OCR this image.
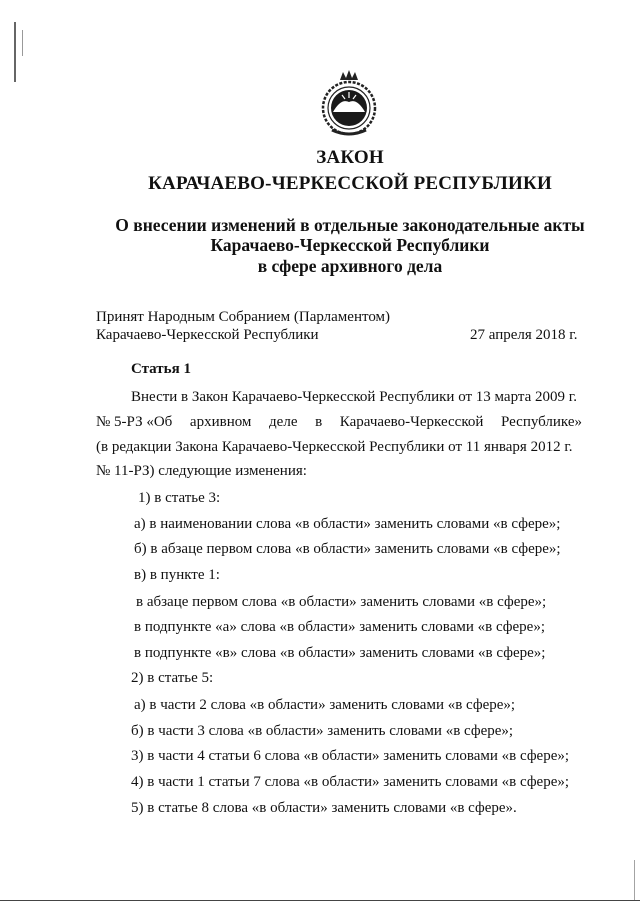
ЗАКОН
КАРАЧАЕВО-ЧЕРКЕССКОЙ РЕСПУБЛИКИ
О внесении изменений в отдельные законодательные акты
Карачаево-Черкесской Республики
в сфере архивного дела
Принят Народным Собранием (Парламентом)
Карачаево-Черкесской Республики	27 апреля 2018 г.
Статья 1
Внести в Закон Карачаево-Черкесской Республики от 13 марта 2009 г.
№ 5-РЗ «Об архивном деле в Карачаево-Черкесской Республике»
(в редакции Закона Карачаево-Черкесской Республики от 11 января 2012 г.
№ 11-РЗ) следующие изменения:
1) в статье 3:
а) в наименовании слова «в области» заменить словами «в сфере»;
б) в абзаце первом слова «в области» заменить словами «в сфере»;
в) в пункте 1:
в абзаце первом слова «в области» заменить словами «в сфере»;
в подпункте «а» слова «в области» заменить словами «в сфере»;
в подпункте «в» слова «в области» заменить словами «в сфере»;
2) в статье 5:
а) в части 2 слова «в области» заменить словами «в сфере»;
б) в части 3 слова «в области» заменить словами «в сфере»;
3) в части 4 статьи 6 слова «в области» заменить словами «в сфере»;
4) в части 1 статьи 7 слова «в области» заменить словами «в сфере»;
5) в статье 8 слова «в области» заменить словами «в сфере».
